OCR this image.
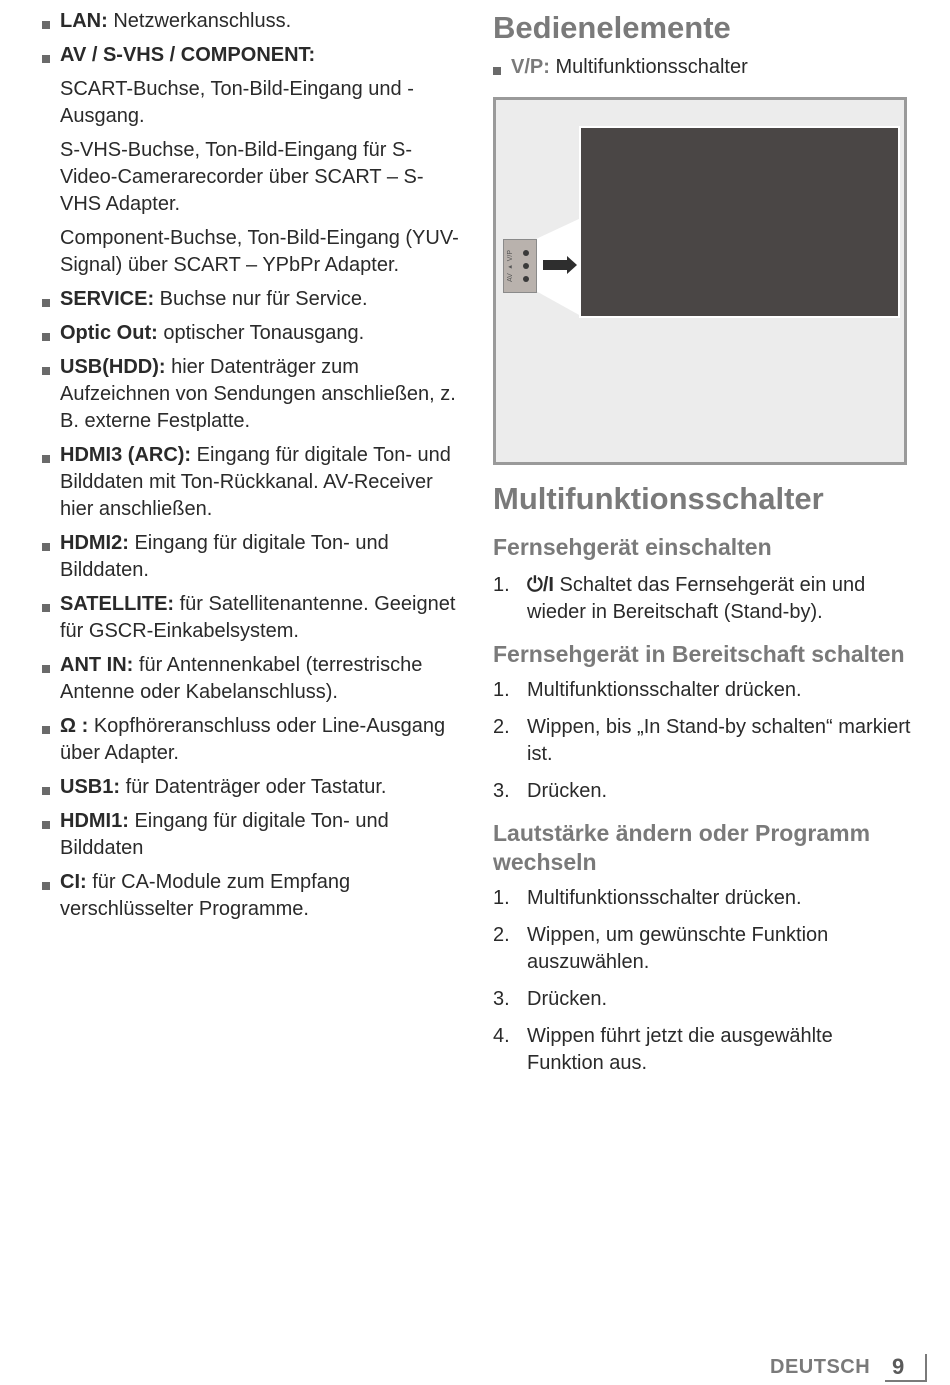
LAN: Netzwerkanschluss.
AV / S-VHS / COMPONENT:
SCART-Buchse, Ton-Bild-Eingang und -Ausgang.
S-VHS-Buchse, Ton-Bild-Eingang für S-Video-Camerarecorder über SCART – S-VHS Adapter.
Component-Buchse, Ton-Bild-Eingang (YUV-Signal) über SCART – YPbPr Adapter.
SERVICE: Buchse nur für Service.
Optic Out: optischer Tonausgang.
USB(HDD): hier Datenträger zum Aufzeichnen von Sendungen anschließen, z. B. externe Festplatte.
HDMI3 (ARC): Eingang für digitale Ton- und Bilddaten mit Ton-Rückkanal. AV-Receiver hier anschließen.
HDMI2: Eingang für digitale Ton- und Bilddaten.
SATELLITE: für Satellitenantenne. Geeignet für GSCR-Einkabelsystem.
ANT IN: für Antennenkabel (terrestrische Antenne oder Kabelanschluss).
Ω : Kopfhöreranschluss oder Line-Ausgang über Adapter.
USB1: für Datenträger oder Tastatur.
HDMI1: Eingang für digitale Ton- und Bilddaten
CI: für CA-Module zum Empfang verschlüsselter Programme.
Bedienelemente
V/P: Multifunktionsschalter
AV ▸ V/P
Multifunktionsschalter
Fernsehgerät einschalten
1. ⏻/I Schaltet das Fernsehgerät ein und wieder in Bereitschaft (Stand-by).
Fernsehgerät in Bereitschaft schalten
1. Multifunktionsschalter drücken.
2. Wippen, bis „In Stand-by schalten“ markiert ist.
3. Drücken.
Lautstärke ändern oder Programm wechseln
1. Multifunktionsschalter drücken.
2. Wippen, um gewünschte Funktion auszuwählen.
3. Drücken.
4. Wippen führt jetzt die ausgewählte Funktion aus.
DEUTSCH 9
